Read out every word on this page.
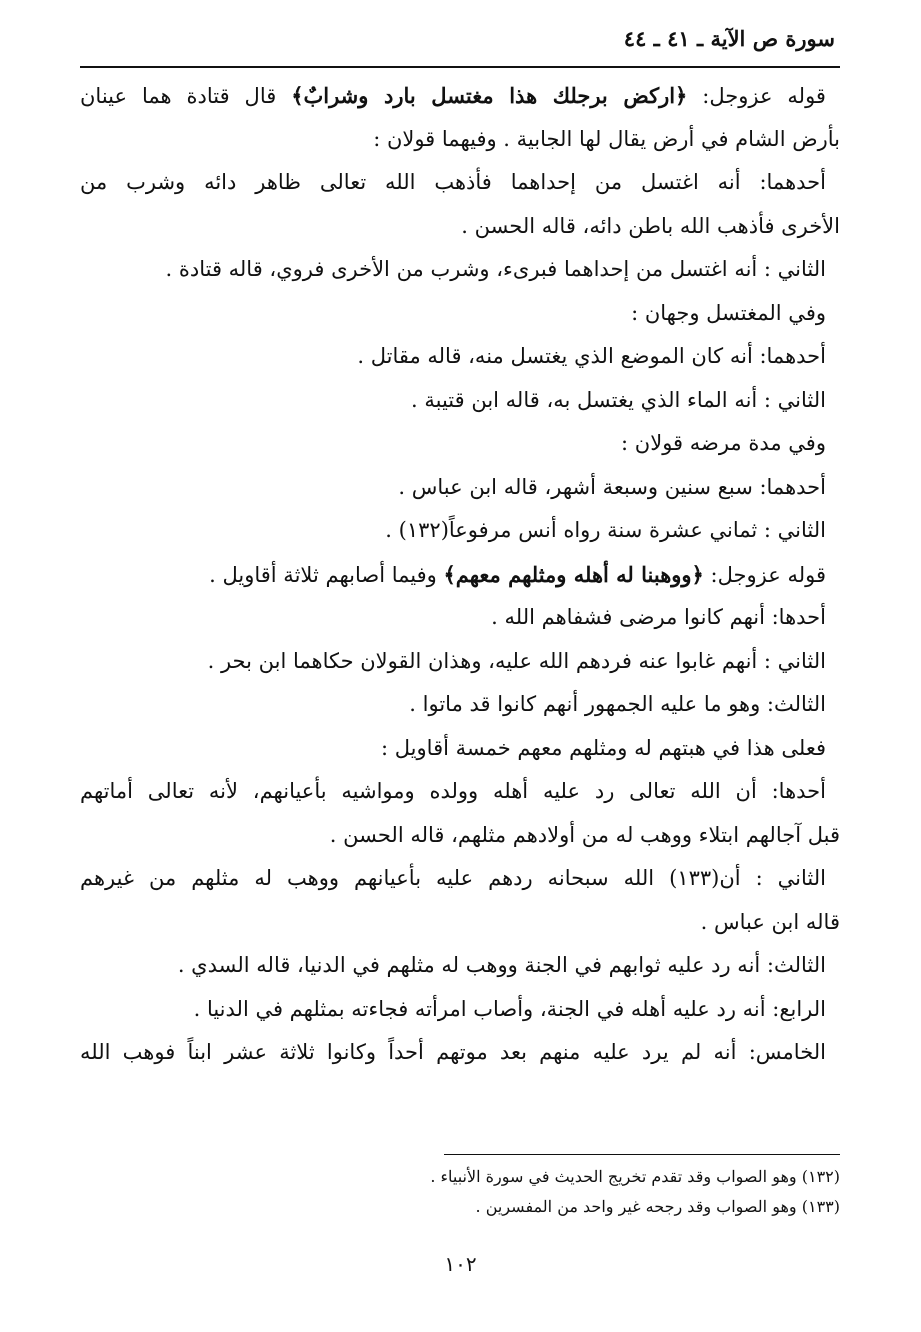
سورة ص الآية ـ ٤١ ـ ٤٤
قوله عزوجل: ﴿اركض برجلك هذا مغتسل بارد وشرابٌ﴾ قال قتادة هما عينان
بأرض الشام في أرض يقال لها الجابية . وفيهما قولان :
أحدهما: أنه اغتسل من إحداهما فأذهب الله تعالى ظاهر دائه وشرب من
الأخرى فأذهب الله باطن دائه، قاله الحسن .
الثاني : أنه اغتسل من إحداهما فبرىء، وشرب من الأخرى فروي، قاله قتادة .
وفي المغتسل وجهان :
أحدهما: أنه كان الموضع الذي يغتسل منه، قاله مقاتل .
الثاني : أنه الماء الذي يغتسل به، قاله ابن قتيبة .
وفي مدة مرضه قولان :
أحدهما: سبع سنين وسبعة أشهر، قاله ابن عباس .
الثاني : ثماني عشرة سنة رواه أنس مرفوعاً(١٣٢) .
قوله عزوجل: ﴿ووهبنا له أهله ومثلهم معهم﴾ وفيما أصابهم ثلاثة أقاويل .
أحدها: أنهم كانوا مرضى فشفاهم الله .
الثاني : أنهم غابوا عنه فردهم الله عليه، وهذان القولان حكاهما ابن بحر .
الثالث: وهو ما عليه الجمهور أنهم كانوا قد ماتوا .
فعلى هذا في هبتهم له ومثلهم معهم خمسة أقاويل :
أحدها: أن الله تعالى رد عليه أهله وولده ومواشيه بأعيانهم، لأنه تعالى أماتهم
قبل آجالهم ابتلاء ووهب له من أولادهم مثلهم، قاله الحسن .
الثاني : أن(١٣٣) الله سبحانه ردهم عليه بأعيانهم ووهب له مثلهم من غيرهم
قاله ابن عباس .
الثالث: أنه رد عليه ثوابهم في الجنة ووهب له مثلهم في الدنيا، قاله السدي .
الرابع: أنه رد عليه أهله في الجنة، وأصاب امرأته فجاءته بمثلهم في الدنيا .
الخامس: أنه لم يرد عليه منهم بعد موتهم أحداً وكانوا ثلاثة عشر ابناً فوهب الله
(١٣٢) وهو الصواب وقد تقدم تخريج الحديث في سورة الأنبياء .
(١٣٣) وهو الصواب وقد رجحه غير واحد من المفسرين .
١٠٢
